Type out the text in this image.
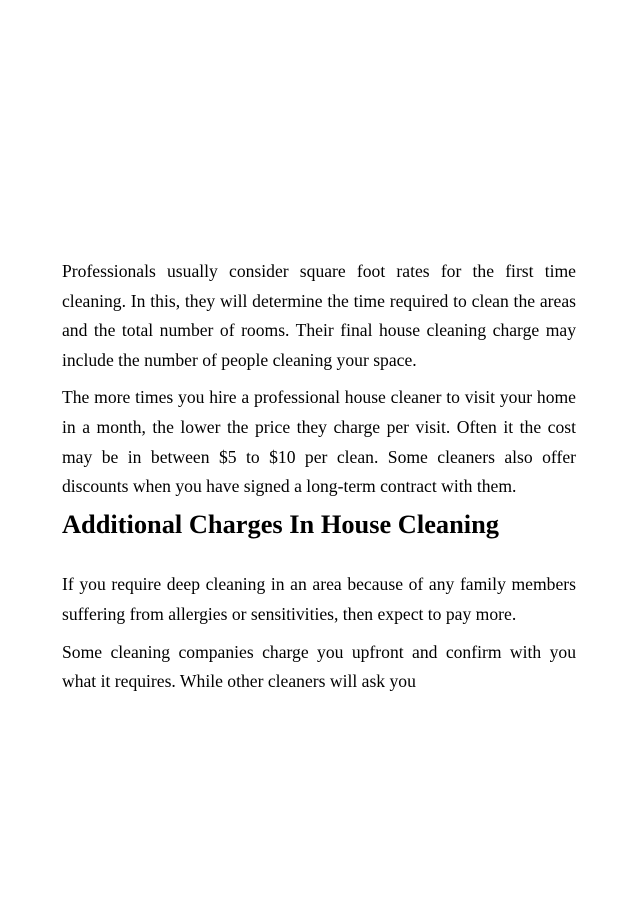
Professionals usually consider square foot rates for the first time cleaning. In this, they will determine the time required to clean the areas and the total number of rooms. Their final house cleaning charge may include the number of people cleaning your space.

The more times you hire a professional house cleaner to visit your home in a month, the lower the price they charge per visit. Often it the cost may be in between $5 to $10 per clean. Some cleaners also offer discounts when you have signed a long-term contract with them.

Additional Charges In House Cleaning

If you require deep cleaning in an area because of any family members suffering from allergies or sensitivities, then expect to pay more.

Some cleaning companies charge you upfront and confirm with you what it requires. While other cleaners will ask you
